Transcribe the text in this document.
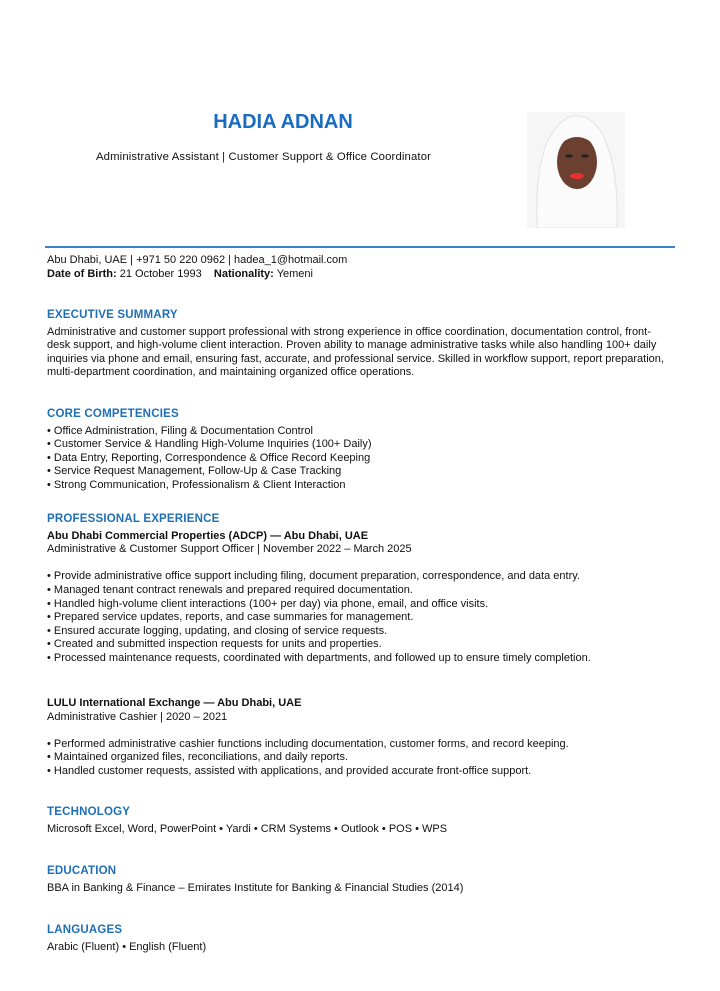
HADIA ADNAN
Administrative Assistant | Customer Support & Office Coordinator
Abu Dhabi, UAE | +971 50 220 0962 | hadea_1@hotmail.com
Date of Birth: 21 October 1993 Nationality: Yemeni
EXECUTIVE SUMMARY

Administrative and customer support professional with strong experience in office coordination, documentation control, front-desk support, and high-volume client interaction. Proven ability to manage administrative tasks while also handling 100+ daily inquiries via phone and email, ensuring fast, accurate, and professional service. Skilled in workflow support, report preparation, multi-department coordination, and maintaining organized office operations.

CORE COMPETENCIES
• Office Administration, Filing & Documentation Control
• Customer Service & Handling High-Volume Inquiries (100+ Daily)
• Data Entry, Reporting, Correspondence & Office Record Keeping
• Service Request Management, Follow-Up & Case Tracking
• Strong Communication, Professionalism & Client Interaction
PROFESSIONAL EXPERIENCE
Abu Dhabi Commercial Properties (ADCP) — Abu Dhabi, UAE
Administrative & Customer Support Officer | November 2022 – March 2025
• Provide administrative office support including filing, document preparation, correspondence, and data entry.
• Managed tenant contract renewals and prepared required documentation.
• Handled high-volume client interactions (100+ per day) via phone, email, and office visits.
• Prepared service updates, reports, and case summaries for management.
• Ensured accurate logging, updating, and closing of service requests.
• Created and submitted inspection requests for units and properties.
• Processed maintenance requests, coordinated with departments, and followed up to ensure timely completion.
LULU International Exchange — Abu Dhabi, UAE
Administrative Cashier | 2020 – 2021
• Performed administrative cashier functions including documentation, customer forms, and record keeping.
• Maintained organized files, reconciliations, and daily reports.
• Handled customer requests, assisted with applications, and provided accurate front-office support.
TECHNOLOGY
Microsoft Excel, Word, PowerPoint • Yardi • CRM Systems • Outlook • POS • WPS
EDUCATION
BBA in Banking & Finance – Emirates Institute for Banking & Financial Studies (2014)
LANGUAGES
Arabic (Fluent) • English (Fluent)
